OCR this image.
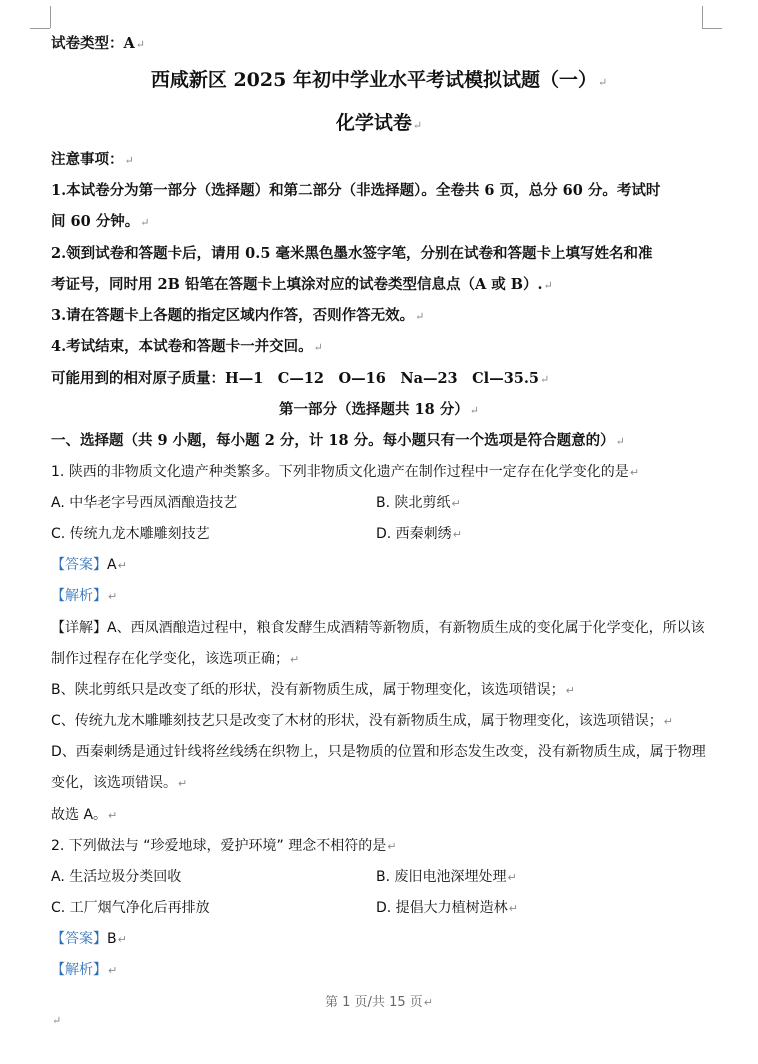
试卷类型：A↵
西咸新区 2025 年初中学业水平考试模拟试题（一）↵
化学试卷↵
注意事项：↵
1.本试卷分为第一部分（选择题）和第二部分（非选择题）。全卷共 6 页，总分 60 分。考试时
间 60 分钟。↵
2.领到试卷和答题卡后，请用 0.5 毫米黑色墨水签字笔，分别在试卷和答题卡上填写姓名和准
考证号，同时用 2B 铅笔在答题卡上填涂对应的试卷类型信息点（A 或 B）.↵
3.请在答题卡上各题的指定区域内作答，否则作答无效。↵
4.考试结束，本试卷和答题卡一并交回。↵
可能用到的相对原子质量：H—1　C—12　O—16　Na—23　Cl—35.5↵
第一部分（选择题共 18 分）↵
一、选择题（共 9 小题，每小题 2 分，计 18 分。每小题只有一个选项是符合题意的）↵
1. 陕西的非物质文化遗产种类繁多。下列非物质文化遗产在制作过程中一定存在化学变化的是↵
A. 中华老字号西凤酒酿造技艺	B. 陕北剪纸↵
C. 传统九龙木雕雕刻技艺	D. 西秦刺绣↵
【答案】A↵
【解析】↵
【详解】A、西凤酒酿造过程中，粮食发酵生成酒精等新物质，有新物质生成的变化属于化学变化，所以该
制作过程存在化学变化，该选项正确；↵
B、陕北剪纸只是改变了纸的形状，没有新物质生成，属于物理变化，该选项错误；↵
C、传统九龙木雕雕刻技艺只是改变了木材的形状，没有新物质生成，属于物理变化，该选项错误；↵
D、西秦刺绣是通过针线将丝线绣在织物上，只是物质的位置和形态发生改变，没有新物质生成，属于物理
变化，该选项错误。↵
故选 A。↵
2. 下列做法与 “珍爱地球，爱护环境” 理念不相符的是↵
A. 生活垃圾分类回收	B. 废旧电池深埋处理↵
C. 工厂烟气净化后再排放	D. 提倡大力植树造林↵
【答案】B↵
【解析】↵
第 1 页/共 15 页↵
↵
